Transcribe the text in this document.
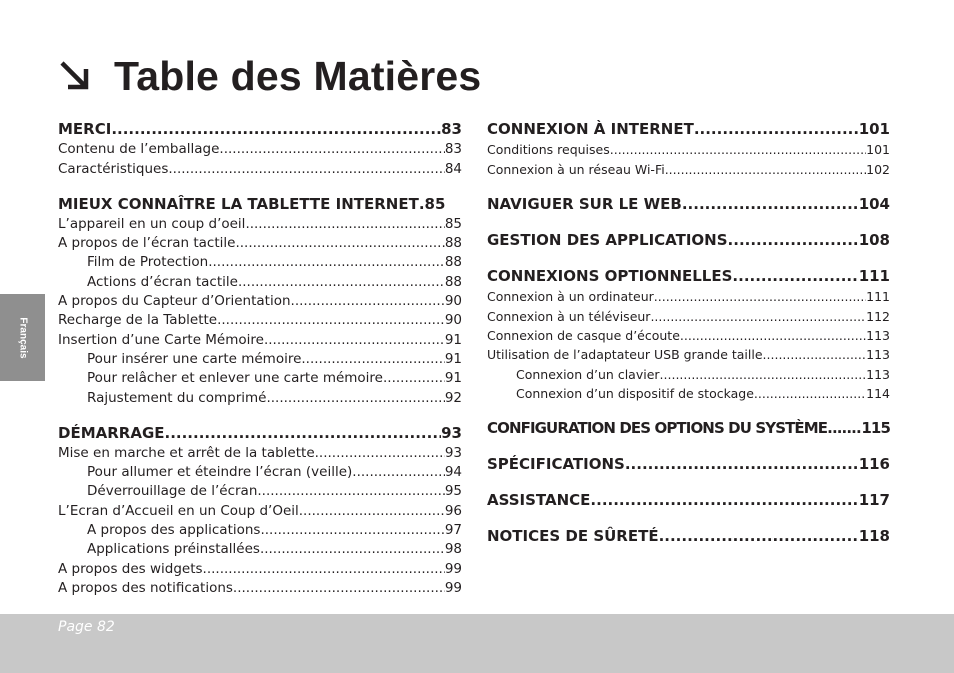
Table des Matières
Français
MERCI .....	83
Contenu de l’emballage .....	83
Caractéristiques .....	84
MIEUX CONNAÎTRE LA TABLETTE INTERNET .85
L’appareil en un coup d’oeil .....	85
A propos de l’écran tactile .....	88
Film de Protection .....	88
Actions d’écran tactile .....	88
A propos du Capteur d’Orientation .....	90
Recharge de la Tablette .....	90
Insertion d’une Carte Mémoire .....	91
Pour insérer une carte mémoire .....	91
Pour relâcher et enlever une carte mémoire .....	91
Rajustement du comprimé .....	92
DÉMARRAGE .....	93
Mise en marche et arrêt de la tablette .....	93
Pour allumer et éteindre l’écran (veille) .....	94
Déverrouillage de l’écran .....	95
L’Ecran d’Accueil en un Coup d’Oeil .....	96
A propos des applications .....	97
Applications préinstallées .....	98
A propos des widgets .....	99
A propos des notifications .....	99
CONNEXION À INTERNET .....	101
Conditions requises .....	101
Connexion à un réseau Wi-Fi .....	102
NAVIGUER SUR LE WEB .....	104
GESTION DES APPLICATIONS .....	108
CONNEXIONS OPTIONNELLES .....	111
Connexion à un ordinateur .....	111
Connexion à un téléviseur .....	112
Connexion de casque d’écoute .....	113
Utilisation de l’adaptateur USB grande taille .....	113
Connexion d’un clavier .....	113
Connexion d’un dispositif de stockage .....	114
CONFIGURATION DES OPTIONS DU SYSTÈME ..... 115
SPÉCIFICATIONS .....	116
ASSISTANCE .....	117
NOTICES DE SÛRETÉ .....	118
Page 82
